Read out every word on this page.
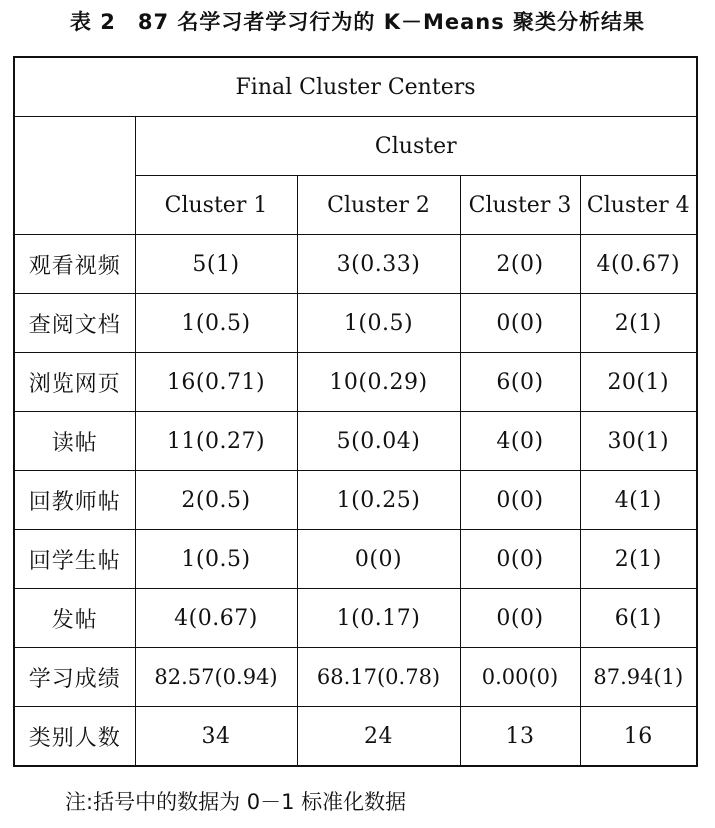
表 2 87 名学习者学习行为的 K－Means 聚类分析结果
Final Cluster Centers				
	Cluster			
	Cluster 1	Cluster 2	Cluster 3	Cluster 4
观看视频	5(1)	3(0.33)	2(0)	4(0.67)
查阅文档	1(0.5)	1(0.5)	0(0)	2(1)
浏览网页	16(0.71)	10(0.29)	6(0)	20(1)
读帖	11(0.27)	5(0.04)	4(0)	30(1)
回教师帖	2(0.5)	1(0.25)	0(0)	4(1)
回学生帖	1(0.5)	0(0)	0(0)	2(1)
发帖	4(0.67)	1(0.17)	0(0)	6(1)
学习成绩	82.57(0.94)	68.17(0.78)	0.00(0)	87.94(1)
类别人数	34	24	13	16
注:括号中的数据为 0－1 标准化数据
